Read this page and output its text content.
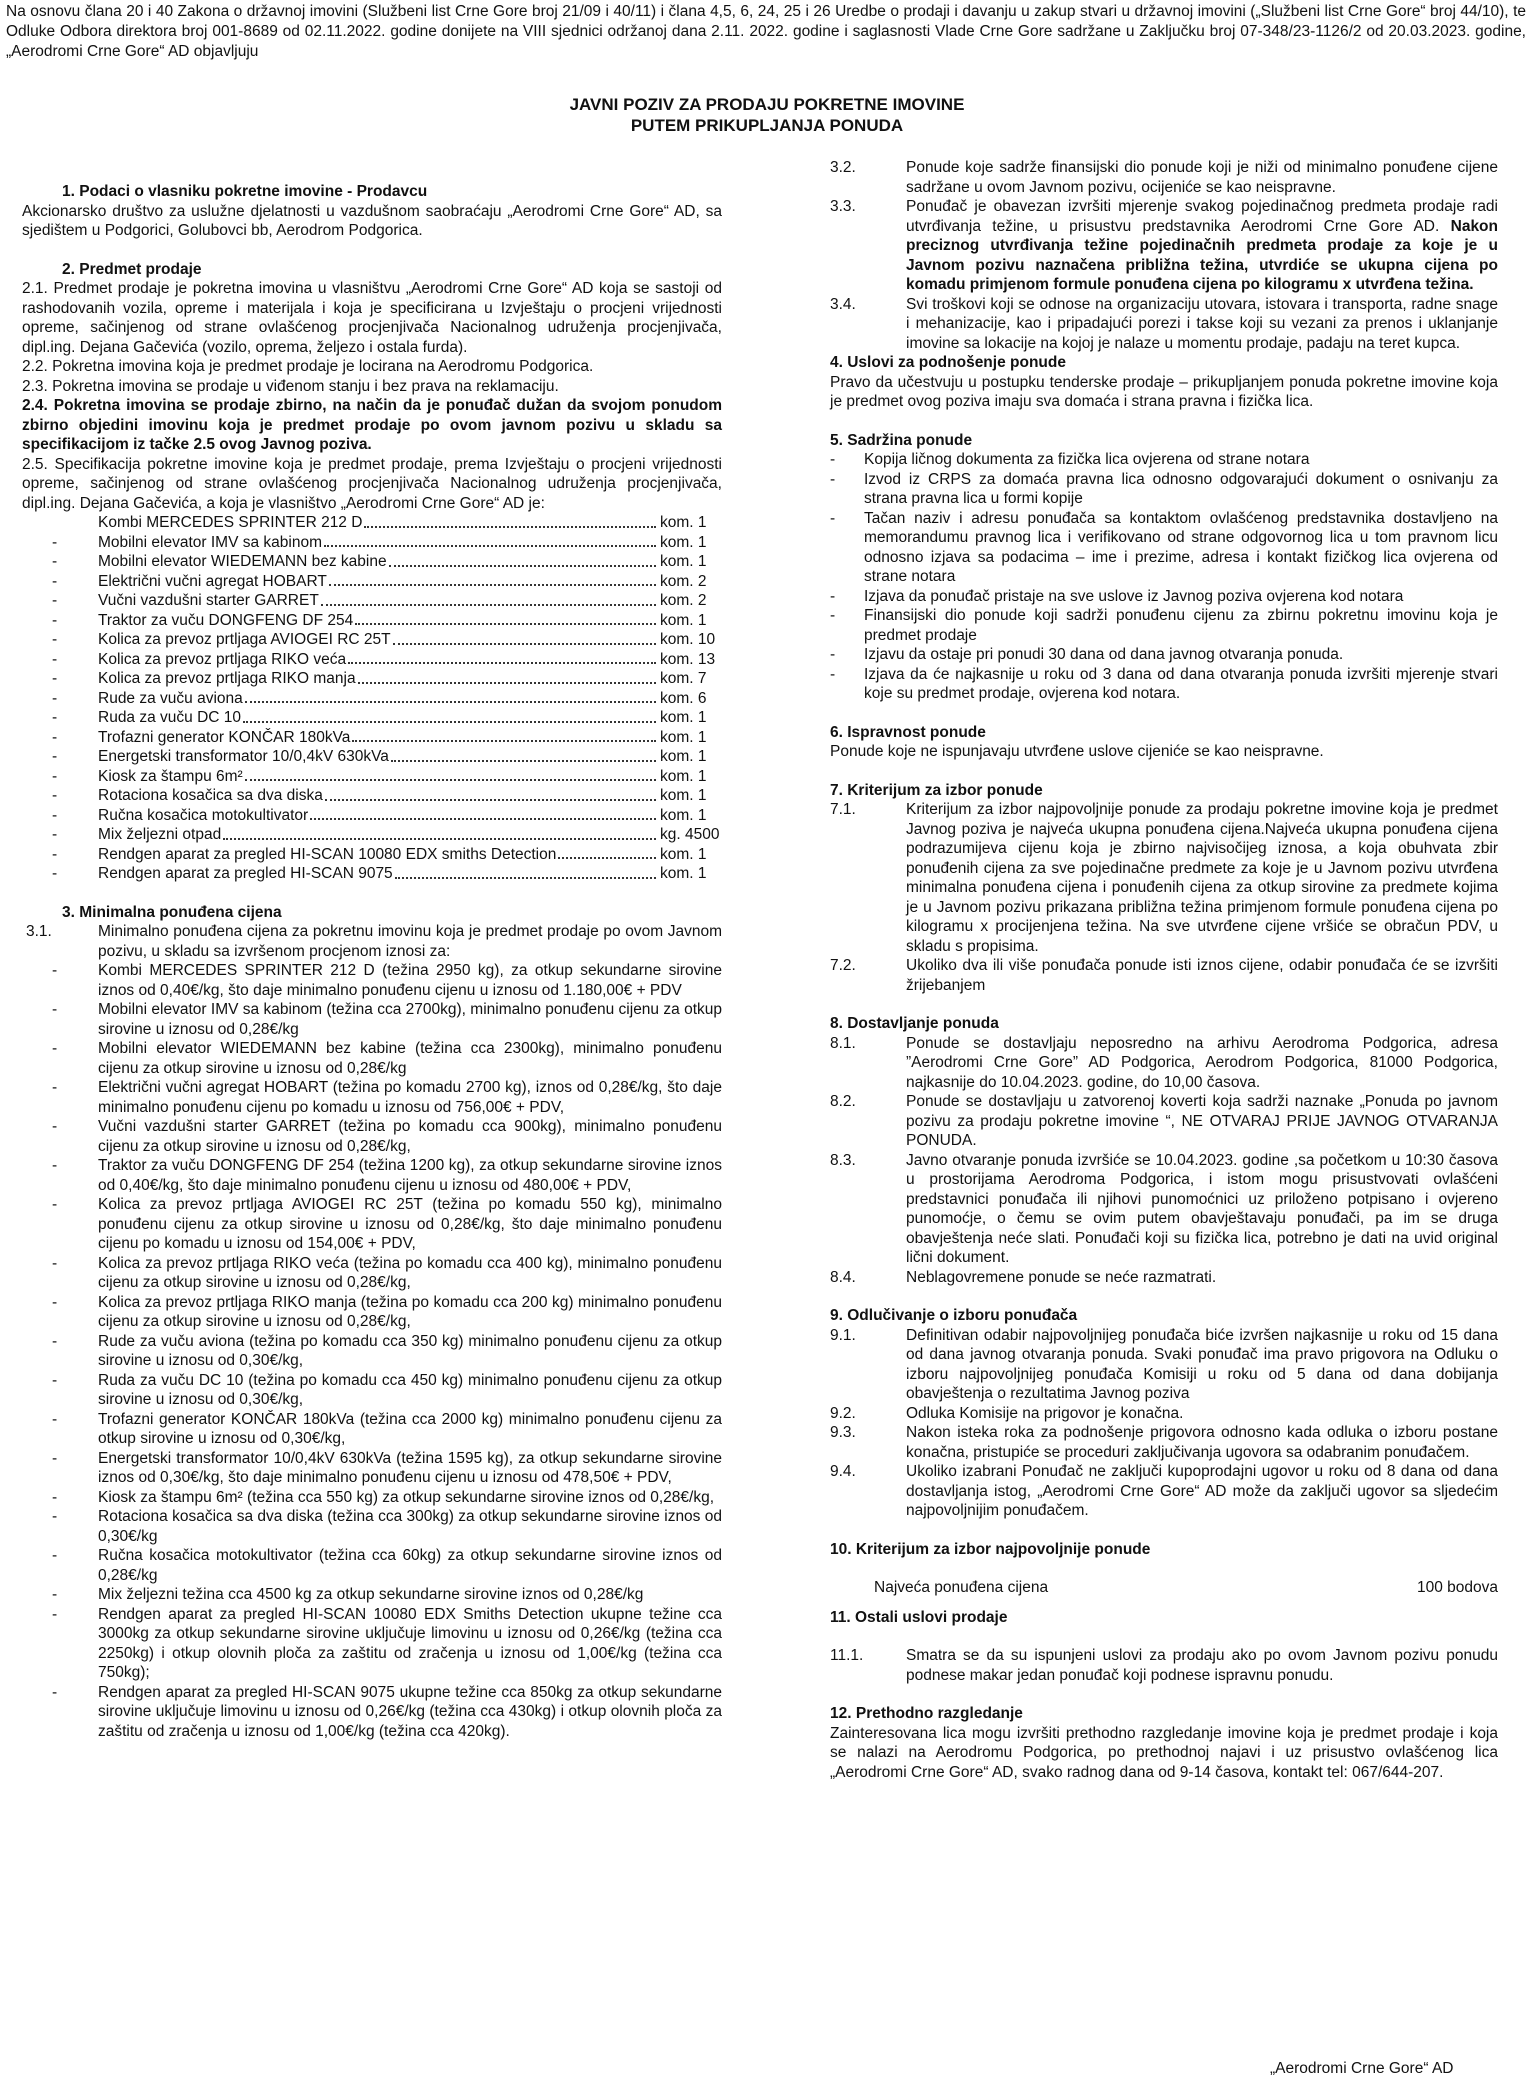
Na osnovu člana 20 i 40 Zakona o državnoj imovini (Službeni list Crne Gore broj 21/09 i 40/11) i člana 4,5, 6, 24, 25 i 26 Uredbe o prodaji i davanju u zakup stvari u državnoj imovini („Službeni list Crne Gore“ broj 44/10), te Odluke Odbora direktora broj 001-8689 od 02.11.2022. godine donijete na VIII sjednici održanoj dana 2.11. 2022. godine i saglasnosti Vlade Crne Gore sadržane u Zaključku broj 07-348/23-1126/2 od 20.03.2023. godine, „Aerodromi Crne Gore“ AD objavljuju
JAVNI POZIV ZA PRODAJU POKRETNE IMOVINE
PUTEM PRIKUPLJANJA PONUDA

1. Podaci o vlasniku pokretne imovine - Prodavcu

Akcionarsko društvo za uslužne djelatnosti u vazdušnom saobraćaju „Aerodromi Crne Gore“ AD, sa sjedištem u Podgorici, Golubovci bb, Aerodrom Podgorica.

2. Predmet prodaje

2.1. Predmet prodaje je pokretna imovina u vlasništvu „Aerodromi Crne Gore“ AD koja se sastoji od rashodovanih vozila, opreme i materijala i koja je specificirana u Izvještaju o procjeni vrijednosti opreme, sačinjenog od strane ovlašćenog procjenjivača Nacionalnog udruženja procjenjivača, dipl.ing. Dejana Gačevića (vozilo, oprema, željezo i ostala furda).

2.2. Pokretna imovina koja je predmet prodaje je locirana na Aerodromu Podgorica.

2.3. Pokretna imovina se prodaje u viđenom stanju i bez prava na reklamaciju.

2.4. Pokretna imovina se prodaje zbirno, na način da je ponuđač dužan da svojom ponudom zbirno objedini imovinu koja je predmet prodaje po ovom javnom pozivu u skladu sa specifikacijom iz tačke 2.5 ovog Javnog poziva.

2.5. Specifikacija pokretne imovine koja je predmet prodaje, prema Izvještaju o procjeni vrijednosti opreme, sačinjenog od strane ovlašćenog procjenjivača Nacionalnog udruženja procjenjivača, dipl.ing. Dejana Gačevića, a koja je vlasništvo „Aerodromi Crne Gore“ AD je:

Kombi MERCEDES SPRINTER 212 D	kom. 1
-	Mobilni elevator IMV sa kabinom	kom. 1
-	Mobilni elevator WIEDEMANN bez kabine	kom. 1
-	Električni vučni agregat HOBART	kom. 2
-	Vučni vazdušni starter GARRET	kom. 2
-	Traktor za vuču DONGFENG DF 254	kom. 1
-	Kolica za prevoz prtljaga AVIOGEI RC 25T	kom. 10
-	Kolica za prevoz prtljaga RIKO veća	kom. 13
-	Kolica za prevoz prtljaga RIKO manja	kom. 7
-	Rude za vuču aviona	kom. 6
-	Ruda za vuču DC 10	kom. 1
-	Trofazni generator KONČAR 180kVa	kom. 1
-	Energetski transformator 10/0,4kV 630kVa	kom. 1
-	Kiosk za štampu 6m²	kom. 1
-	Rotaciona kosačica sa dva diska	kom. 1
-	Ručna kosačica motokultivator	kom. 1
-	Mix željezni otpad	kg. 4500
-	Rendgen aparat za pregled HI-SCAN 10080 EDX smiths Detection	kom. 1
-	Rendgen aparat za pregled HI-SCAN 9075	kom. 1

3. Minimalna ponuđena cijena

3.1.	Minimalno ponuđena cijena za pokretnu imovinu koja je predmet prodaje po ovom Javnom pozivu, u skladu sa izvršenom procjenom iznosi za:
-	Kombi MERCEDES SPRINTER 212 D (težina 2950 kg), za otkup sekundarne sirovine iznos od 0,40€/kg, što daje minimalno ponuđenu cijenu u iznosu od 1.180,00€ + PDV
-	Mobilni elevator IMV sa kabinom (težina cca 2700kg), minimalno ponuđenu cijenu za otkup sirovine u iznosu od 0,28€/kg
-	Mobilni elevator WIEDEMANN bez kabine (težina cca 2300kg), minimalno ponuđenu cijenu za otkup sirovine u iznosu od 0,28€/kg
-	Električni vučni agregat HOBART (težina po komadu 2700 kg), iznos od 0,28€/kg, što daje minimalno ponuđenu cijenu po komadu u iznosu od 756,00€ + PDV,
-	Vučni vazdušni starter GARRET (težina po komadu cca 900kg), minimalno ponuđenu cijenu za otkup sirovine u iznosu od 0,28€/kg,
-	Traktor za vuču DONGFENG DF 254 (težina 1200 kg), za otkup sekundarne sirovine iznos od 0,40€/kg, što daje minimalno ponuđenu cijenu u iznosu od 480,00€ + PDV,
-	Kolica za prevoz prtljaga AVIOGEI RC 25T (težina po komadu 550 kg), minimalno ponuđenu cijenu za otkup sirovine u iznosu od 0,28€/kg, što daje minimalno ponuđenu cijenu po komadu u iznosu od 154,00€ + PDV,
-	Kolica za prevoz prtljaga RIKO veća (težina po komadu cca 400 kg), minimalno ponuđenu cijenu za otkup sirovine u iznosu od 0,28€/kg,
-	Kolica za prevoz prtljaga RIKO manja (težina po komadu cca 200 kg) minimalno ponuđenu cijenu za otkup sirovine u iznosu od 0,28€/kg,
-	Rude za vuču aviona (težina po komadu cca 350 kg) minimalno ponuđenu cijenu za otkup sirovine u iznosu od 0,30€/kg,
-	Ruda za vuču DC 10 (težina po komadu cca 450 kg) minimalno ponuđenu cijenu za otkup sirovine u iznosu od 0,30€/kg,
-	Trofazni generator KONČAR 180kVa (težina cca 2000 kg) minimalno ponuđenu cijenu za otkup sirovine u iznosu od 0,30€/kg,
-	Energetski transformator 10/0,4kV 630kVa (težina 1595 kg), za otkup sekundarne sirovine iznos od 0,30€/kg, što daje minimalno ponuđenu cijenu u iznosu od 478,50€ + PDV,
-	Kiosk za štampu 6m² (težina cca 550 kg) za otkup sekundarne sirovine iznos od 0,28€/kg,
-	Rotaciona kosačica sa dva diska (težina cca 300kg) za otkup sekundarne sirovine iznos od 0,30€/kg
-	Ručna kosačica motokultivator (težina cca 60kg) za otkup sekundarne sirovine iznos od 0,28€/kg
-	Mix željezni težina cca 4500 kg za otkup sekundarne sirovine iznos od 0,28€/kg
-	Rendgen aparat za pregled HI-SCAN 10080 EDX Smiths Detection ukupne težine cca 3000kg za otkup sekundarne sirovine uključuje limovinu u iznosu od 0,26€/kg (težina cca 2250kg) i otkup olovnih ploča za zaštitu od zračenja u iznosu od 1,00€/kg (težina cca 750kg);
-	Rendgen aparat za pregled HI-SCAN 9075 ukupne težine cca 850kg za otkup sekundarne sirovine uključuje limovinu u iznosu od 0,26€/kg (težina cca 430kg) i otkup olovnih ploča za zaštitu od zračenja u iznosu od 1,00€/kg (težina cca 420kg).
3.2.	Ponude koje sadrže finansijski dio ponude koji je niži od minimalno ponuđene cijene sadržane u ovom Javnom pozivu, ocijeniće se kao neispravne.
3.3.	Ponuđač je obavezan izvršiti mjerenje svakog pojedinačnog predmeta prodaje radi utvrđivanja težine, u prisustvu predstavnika Aerodromi Crne Gore AD. Nakon preciznog utvrđivanja težine pojedinačnih predmeta prodaje za koje je u Javnom pozivu naznačena približna težina, utvrdiće se ukupna cijena po komadu primjenom formule ponuđena cijena po kilogramu x utvrđena težina.
3.4.	Svi troškovi koji se odnose na organizaciju utovara, istovara i transporta, radne snage i mehanizacije, kao i pripadajući porezi i takse koji su vezani za prenos i uklanjanje imovine sa lokacije na kojoj je nalaze u momentu prodaje, padaju na teret kupca.

4. Uslovi za podnošenje ponude

Pravo da učestvuju u postupku tenderske prodaje – prikupljanjem ponuda pokretne imovine koja je predmet ovog poziva imaju sva domaća i strana pravna i fizička lica.

5. Sadržina ponude

- Kopija ličnog dokumenta za fizička lica ovjerena od strane notara
- Izvod iz CRPS za domaća pravna lica odnosno odgovarajući dokument o osnivanju za strana pravna lica u formi kopije
- Tačan naziv i adresu ponuđača sa kontaktom ovlašćenog predstavnika dostavljeno na memorandumu pravnog lica i verifikovano od strane odgovornog lica u tom pravnom licu odnosno izjava sa podacima – ime i prezime, adresa i kontakt fizičkog lica ovjerena od strane notara
- Izjava da ponuđač pristaje na sve uslove iz Javnog poziva ovjerena kod notara
- Finansijski dio ponude koji sadrži ponuđenu cijenu za zbirnu pokretnu imovinu koja je predmet prodaje
- Izjavu da ostaje pri ponudi 30 dana od dana javnog otvaranja ponuda.
- Izjava da će najkasnije u roku od 3 dana od dana otvaranja ponuda izvršiti mjerenje stvari koje su predmet prodaje, ovjerena kod notara.

6. Ispravnost ponude

Ponude koje ne ispunjavaju utvrđene uslove cijeniće se kao neispravne.

7. Kriterijum za izbor ponude

7.1.	Kriterijum za izbor najpovoljnije ponude za prodaju pokretne imovine koja je predmet Javnog poziva je najveća ukupna ponuđena cijena.Najveća ukupna ponuđena cijena podrazumijeva cijenu koja je zbirno najvisočijeg iznosa, a koja obuhvata zbir ponuđenih cijena za sve pojedinačne predmete za koje je u Javnom pozivu utvrđena minimalna ponuđena cijena i ponuđenih cijena za otkup sirovine za predmete kojima je u Javnom pozivu prikazana približna težina primjenom formule ponuđena cijena po kilogramu x procijenjena težina. Na sve utvrđene cijene vršiće se obračun PDV, u skladu s propisima.
7.2.	Ukoliko dva ili više ponuđača ponude isti iznos cijene, odabir ponuđača će se izvršiti žrijebanjem

8. Dostavljanje ponuda

8.1.	Ponude se dostavljaju neposredno na arhivu Aerodroma Podgorica, adresa ”Aerodromi Crne Gore” AD Podgorica, Aerodrom Podgorica, 81000 Podgorica, najkasnije do 10.04.2023. godine, do 10,00 časova.
8.2.	Ponude se dostavljaju u zatvorenoj koverti koja sadrži naznake „Ponuda po javnom pozivu za prodaju pokretne imovine “, NE OTVARAJ PRIJE JAVNOG OTVARANJA PONUDA.
8.3.	Javno otvaranje ponuda izvršiće se 10.04.2023. godine ,sa početkom u 10:30 časova u prostorijama Aerodroma Podgorica, i istom mogu prisustvovati ovlašćeni predstavnici ponuđača ili njihovi punomoćnici uz priloženo potpisano i ovjereno punomoćje, o čemu se ovim putem obavještavaju ponuđači, pa im se druga obavještenja neće slati. Ponuđači koji su fizička lica, potrebno je dati na uvid original lični dokument.
8.4.	Neblagovremene ponude se neće razmatrati.

9. Odlučivanje o izboru ponuđača

9.1.	Definitivan odabir najpovoljnijeg ponuđača biće izvršen najkasnije u roku od 15 dana od dana javnog otvaranja ponuda. Svaki ponuđač ima pravo prigovora na Odluku o izboru najpovoljnijeg ponuđača Komisiji u roku od 5 dana od dana dobijanja obavještenja o rezultatima Javnog poziva
9.2.	Odluka Komisije na prigovor je konačna.
9.3.	Nakon isteka roka za podnošenje prigovora odnosno kada odluka o izboru postane konačna, pristupiće se proceduri zaključivanja ugovora sa odabranim ponuđačem.
9.4.	Ukoliko izabrani Ponuđač ne zaključi kupoprodajni ugovor u roku od 8 dana od dana dostavljanja istog, „Aerodromi Crne Gore“ AD može da zaključi ugovor sa sljedećim najpovoljnijim ponuđačem.

10. Kriterijum za izbor najpovoljnije ponude

Najveća ponuđena cijena	100 bodova

11. Ostali uslovi prodaje

11.1.	Smatra se da su ispunjeni uslovi za prodaju ako po ovom Javnom pozivu ponudu podnese makar jedan ponuđač koji podnese ispravnu ponudu.

12. Prethodno razgledanje

Zainteresovana lica mogu izvršiti prethodno razgledanje imovine koja je predmet prodaje i koja se nalazi na Aerodromu Podgorica, po prethodnoj najavi i uz prisustvo ovlašćenog lica „Aerodromi Crne Gore“ AD, svako radnog dana od 9-14 časova, kontakt tel: 067/644-207.

„Aerodromi Crne Gore“ AD
